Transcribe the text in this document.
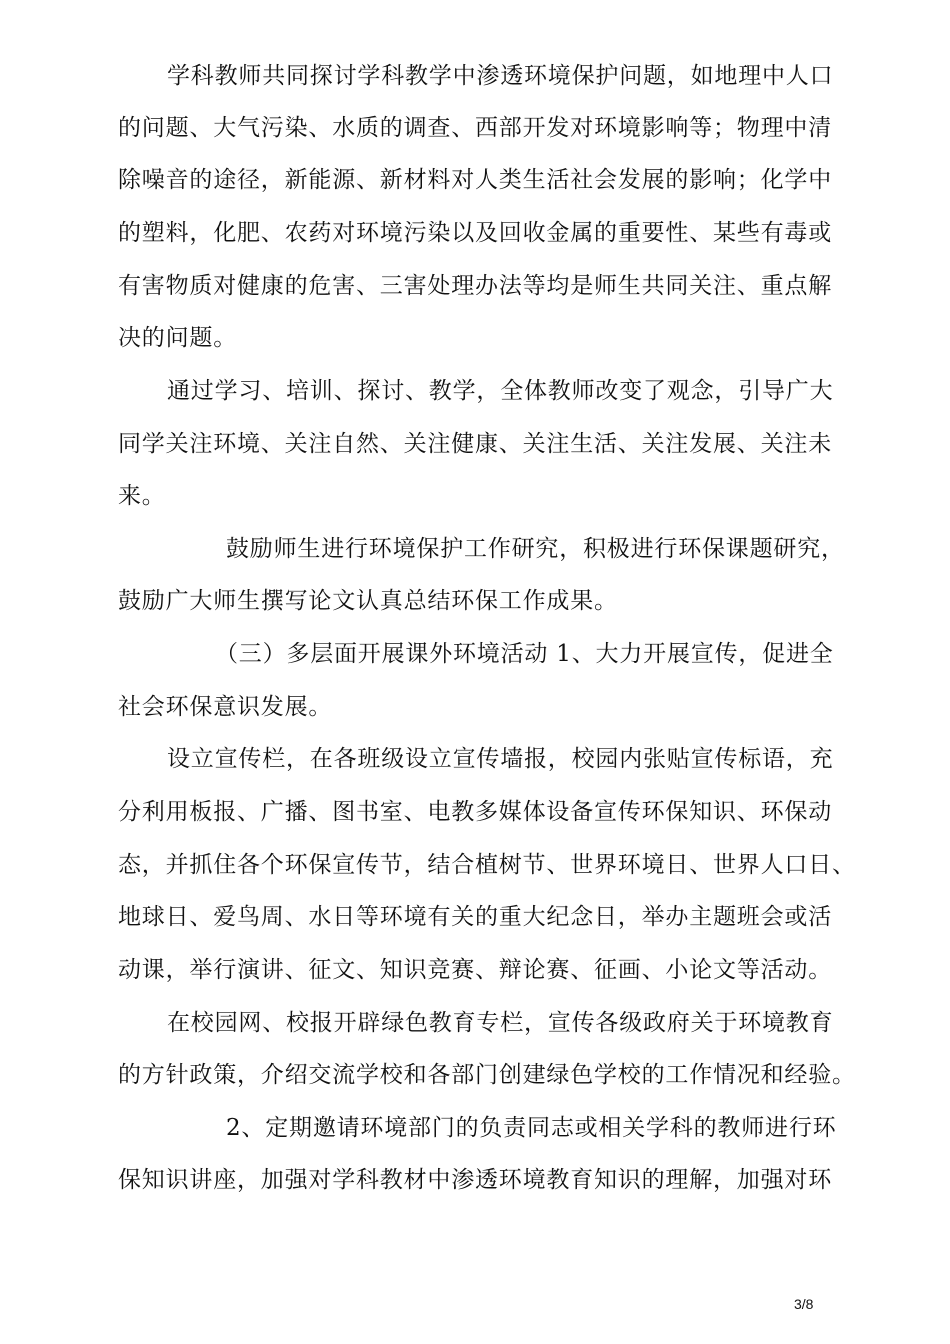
学科教师共同探讨学科教学中渗透环境保护问题，如地理中人口
的问题、大气污染、水质的调查、西部开发对环境影响等；物理中清
除噪音的途径，新能源、新材料对人类生活社会发展的影响；化学中
的塑料，化肥、农药对环境污染以及回收金属的重要性、某些有毒或
有害物质对健康的危害、三害处理办法等均是师生共同关注、重点解
决的问题。
通过学习、培训、探讨、教学，全体教师改变了观念，引导广大
同学关注环境、关注自然、关注健康、关注生活、关注发展、关注未
来。
鼓励师生进行环境保护工作研究，积极进行环保课题研究，
鼓励广大师生撰写论文认真总结环保工作成果。
（三）多层面开展课外环境活动 1、大力开展宣传，促进全
社会环保意识发展。
设立宣传栏，在各班级设立宣传墙报，校园内张贴宣传标语，充
分利用板报、广播、图书室、电教多媒体设备宣传环保知识、环保动
态，并抓住各个环保宣传节，结合植树节、世界环境日、世界人口日、
地球日、爱鸟周、水日等环境有关的重大纪念日，举办主题班会或活
动课，举行演讲、征文、知识竞赛、辩论赛、征画、小论文等活动。
在校园网、校报开辟绿色教育专栏，宣传各级政府关于环境教育
的方针政策，介绍交流学校和各部门创建绿色学校的工作情况和经验。
2、定期邀请环境部门的负责同志或相关学科的教师进行环
保知识讲座，加强对学科教材中渗透环境教育知识的理解，加强对环
3/8
